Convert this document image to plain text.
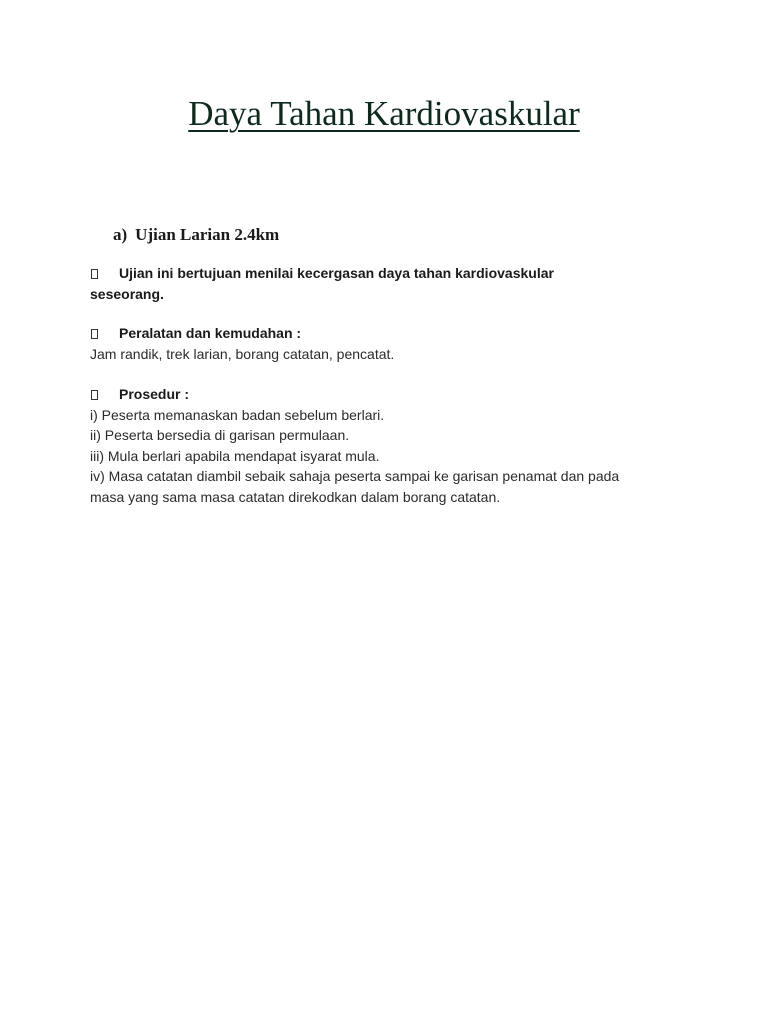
Daya Tahan Kardiovaskular
a) Ujian Larian 2.4km
Ujian ini bertujuan menilai kecergasan daya tahan kardiovaskular
seseorang.
Peralatan dan kemudahan :
Jam randik, trek larian, borang catatan, pencatat.
Prosedur :
i) Peserta memanaskan badan sebelum berlari.
ii) Peserta bersedia di garisan permulaan.
iii) Mula berlari apabila mendapat isyarat mula.
iv) Masa catatan diambil sebaik sahaja peserta sampai ke garisan penamat dan pada
masa yang sama masa catatan direkodkan dalam borang catatan.
